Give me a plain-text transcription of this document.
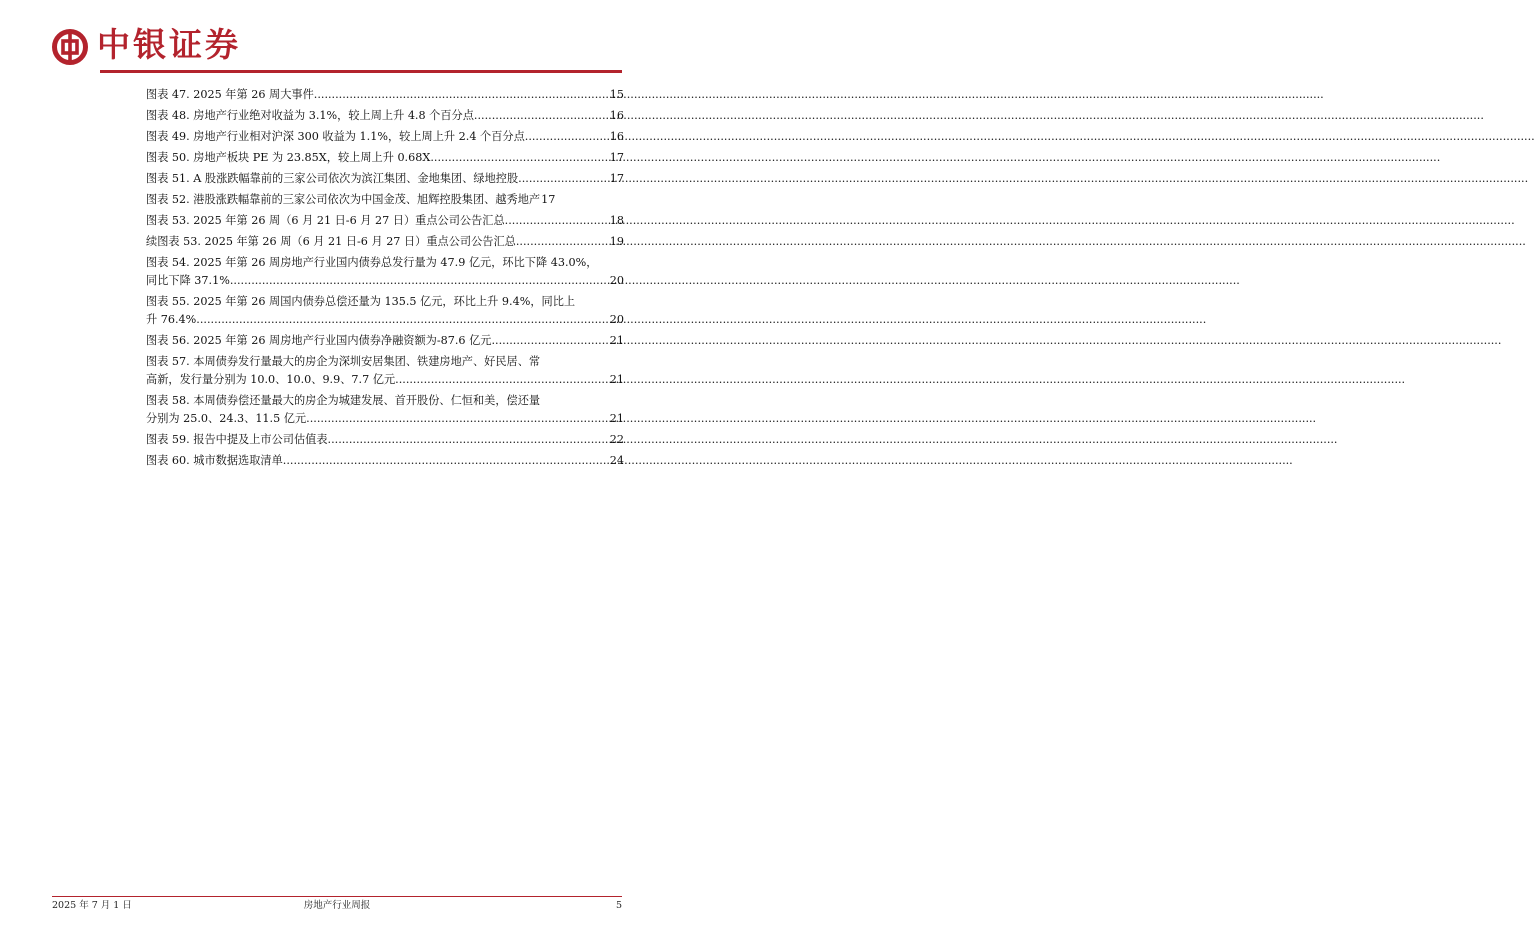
中银证券
图表 47. 2025 年第 26 周大事件 .....	15
图表 48. 房地产行业绝对收益为 3.1%，较上周上升 4.8 个百分点 .....	16
图表 49. 房地产行业相对沪深 300 收益为 1.1%，较上周上升 2.4 个百分点 .....	16
图表 50. 房地产板块 PE 为 23.85X，较上周上升 0.68X .....	17
图表 51. A 股涨跌幅靠前的三家公司依次为滨江集团、金地集团、绿地控股 .....	17
图表 52. 港股涨跌幅靠前的三家公司依次为中国金茂、旭辉控股集团、越秀地产 17
图表 53. 2025 年第 26 周（6 月 21 日-6 月 27 日）重点公司公告汇总 .....	18
续图表 53. 2025 年第 26 周（6 月 21 日-6 月 27 日）重点公司公告汇总 .....	19
图表 54. 2025 年第 26 周房地产行业国内债券总发行量为 47.9 亿元，环比下降 43.0%，
同比下降 37.1% .....	20
图表 55. 2025 年第 26 周国内债券总偿还量为 135.5 亿元，环比上升 9.4%，同比上
升 76.4% .....	20
图表 56. 2025 年第 26 周房地产行业国内债券净融资额为-87.6 亿元 .....	21
图表 57. 本周债券发行量最大的房企为深圳安居集团、铁建房地产、好民居、常
高新，发行量分别为 10.0、10.0、9.9、7.7 亿元 .....	21
图表 58. 本周债券偿还量最大的房企为城建发展、首开股份、仁恒和美，偿还量
分别为 25.0、24.3、11.5 亿元 .....	21
图表 59. 报告中提及上市公司估值表 .....	22
图表 60. 城市数据选取清单 .....	24
2025 年 7 月 1 日	房地产行业周报	5
